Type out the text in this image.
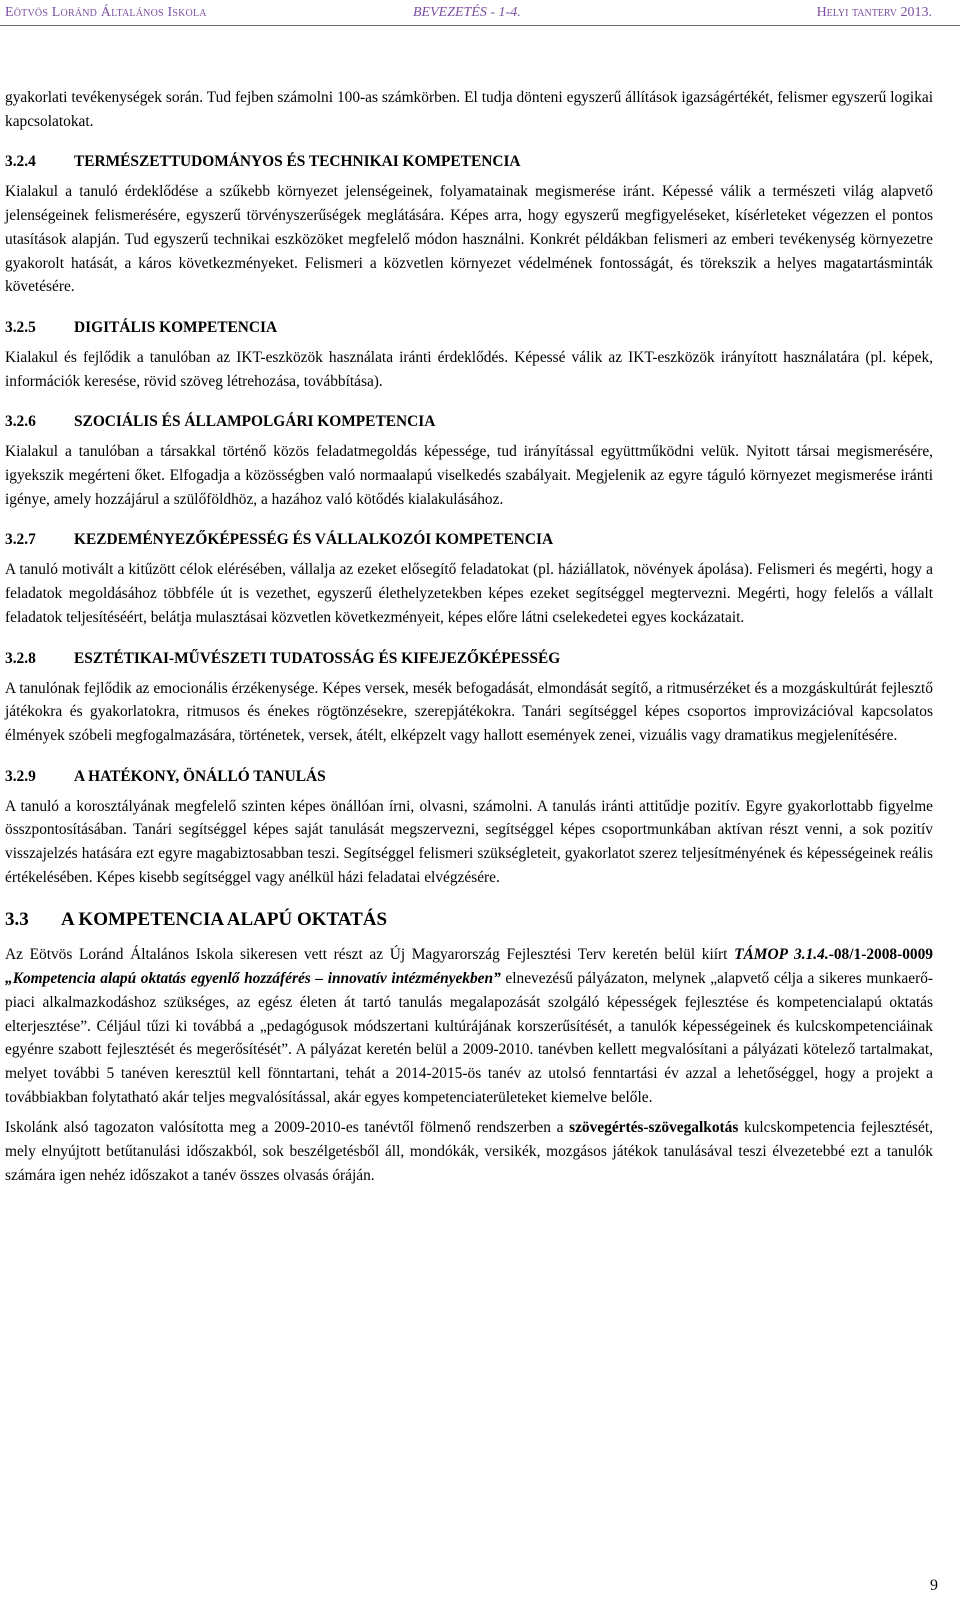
Eötvös Loránd Általános Iskola	BEVEZETÉS - 1-4.	Helyi tanterv 2013.

gyakorlati tevékenységek során. Tud fejben számolni 100-as számkörben. El tudja dönteni egyszerű állítások igazságértékét, felismer egyszerű logikai kapcsolatokat.

3.2.4	TERMÉSZETTUDOMÁNYOS ÉS TECHNIKAI KOMPETENCIA

Kialakul a tanuló érdeklődése a szűkebb környezet jelenségeinek, folyamatainak megismerése iránt. Képessé válik a természeti világ alapvető jelenségeinek felismerésére, egyszerű törvényszerűségek meglátására. Képes arra, hogy egyszerű megfigyeléseket, kísérleteket végezzen el pontos utasítások alapján. Tud egyszerű technikai eszközöket megfelelő módon használni. Konkrét példákban felismeri az emberi tevékenység környezetre gyakorolt hatását, a káros következményeket. Felismeri a közvetlen környezet védelmének fontosságát, és törekszik a helyes magatartásminták követésére.

3.2.5	DIGITÁLIS KOMPETENCIA

Kialakul és fejlődik a tanulóban az IKT-eszközök használata iránti érdeklődés. Képessé válik az IKT-eszközök irányított használatára (pl. képek, információk keresése, rövid szöveg létrehozása, továbbítása).

3.2.6	SZOCIÁLIS ÉS ÁLLAMPOLGÁRI KOMPETENCIA

Kialakul a tanulóban a társakkal történő közös feladatmegoldás képessége, tud irányítással együttműködni velük. Nyitott társai megismerésére, igyekszik megérteni őket. Elfogadja a közösségben való normaalapú viselkedés szabályait. Megjelenik az egyre táguló környezet megismerése iránti igénye, amely hozzájárul a szülőföldhöz, a hazához való kötődés kialakulásához.

3.2.7	KEZDEMÉNYEZŐKÉPESSÉG ÉS VÁLLALKOZÓI KOMPETENCIA

A tanuló motivált a kitűzött célok elérésében, vállalja az ezeket elősegítő feladatokat (pl. háziállatok, növények ápolása). Felismeri és megérti, hogy a feladatok megoldásához többféle út is vezethet, egyszerű élethelyzetekben képes ezeket segítséggel megtervezni. Megérti, hogy felelős a vállalt feladatok teljesítéséért, belátja mulasztásai közvetlen következményeit, képes előre látni cselekedetei egyes kockázatait.

3.2.8	ESZTÉTIKAI-MŰVÉSZETI TUDATOSSÁG ÉS KIFEJEZŐKÉPESSÉG

A tanulónak fejlődik az emocionális érzékenysége. Képes versek, mesék befogadását, elmondását segítő, a ritmusérzéket és a mozgáskultúrát fejlesztő játékokra és gyakorlatokra, ritmusos és énekes rögtönzésekre, szerepjátékokra. Tanári segítséggel képes csoportos improvizációval kapcsolatos élmények szóbeli megfogalmazására, történetek, versek, átélt, elképzelt vagy hallott események zenei, vizuális vagy dramatikus megjelenítésére.

3.2.9	A HATÉKONY, ÖNÁLLÓ TANULÁS

A tanuló a korosztályának megfelelő szinten képes önállóan írni, olvasni, számolni. A tanulás iránti attitűdje pozitív. Egyre gyakorlottabb figyelme összpontosításában. Tanári segítséggel képes saját tanulását megszervezni, segítséggel képes csoportmunkában aktívan részt venni, a sok pozitív visszajelzés hatására ezt egyre magabiztosabban teszi. Segítséggel felismeri szükségleteit, gyakorlatot szerez teljesítményének és képességeinek reális értékelésében. Képes kisebb segítséggel vagy anélkül házi feladatai elvégzésére.

3.3	A KOMPETENCIA ALAPÚ OKTATÁS

Az Eötvös Loránd Általános Iskola sikeresen vett részt az Új Magyarország Fejlesztési Terv keretén belül kiírt TÁMOP 3.1.4.-08/1-2008-0009 „Kompetencia alapú oktatás egyenlő hozzáférés – innovatív intézményekben” elnevezésű pályázaton, melynek „alapvető célja a sikeres munkaerő-piaci alkalmazkodáshoz szükséges, az egész életen át tartó tanulás megalapozását szolgáló képességek fejlesztése és kompetencialapú oktatás elterjesztése”. Céljául tűzi ki továbbá a „pedagógusok módszertani kultúrájának korszerűsítését, a tanulók képességeinek és kulcskompetenciáinak egyénre szabott fejlesztését és megerősítését”. A pályázat keretén belül a 2009-2010. tanévben kellett megvalósítani a pályázati kötelező tartalmakat, melyet további 5 tanéven keresztül kell fönntartani, tehát a 2014-2015-ös tanév az utolsó fenntartási év azzal a lehetőséggel, hogy a projekt a továbbiakban folytatható akár teljes megvalósítással, akár egyes kompetenciaterületeket kiemelve belőle.

Iskolánk alsó tagozaton valósította meg a 2009-2010-es tanévtől fölmenő rendszerben a szövegértés-szövegalkotás kulcskompetencia fejlesztését, mely elnyújtott betűtanulási időszakból, sok beszélgetésből áll, mondókák, versikék, mozgásos játékok tanulásával teszi élvezetebbé ezt a tanulók számára igen nehéz időszakot a tanév összes olvasás óráján.

9
